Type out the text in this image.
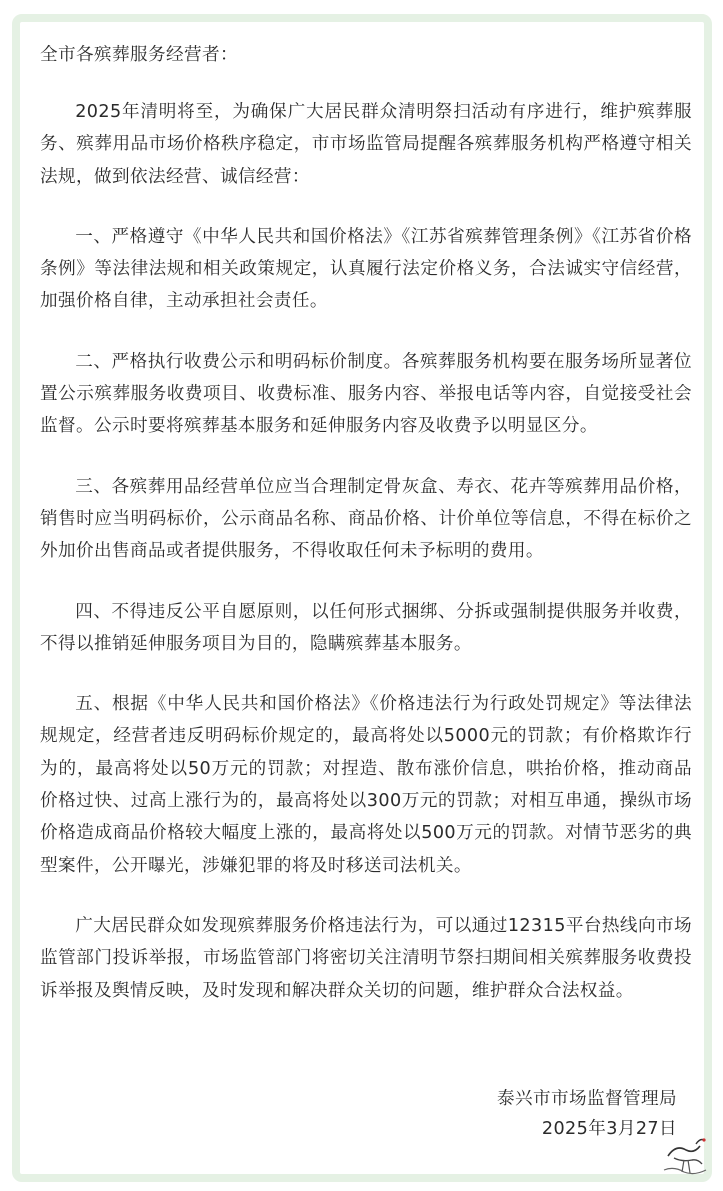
全市各殡葬服务经营者：

2025年清明将至，为确保广大居民群众清明祭扫活动有序进行，维护殡葬服务、殡葬用品市场价格秩序稳定，市市场监管局提醒各殡葬服务机构严格遵守相关法规，做到依法经营、诚信经营：

一、严格遵守《中华人民共和国价格法》《江苏省殡葬管理条例》《江苏省价格条例》等法律法规和相关政策规定，认真履行法定价格义务，合法诚实守信经营，加强价格自律，主动承担社会责任。

二、严格执行收费公示和明码标价制度。各殡葬服务机构要在服务场所显著位置公示殡葬服务收费项目、收费标准、服务内容、举报电话等内容，自觉接受社会监督。公示时要将殡葬基本服务和延伸服务内容及收费予以明显区分。

三、各殡葬用品经营单位应当合理制定骨灰盒、寿衣、花卉等殡葬用品价格，销售时应当明码标价，公示商品名称、商品价格、计价单位等信息，不得在标价之外加价出售商品或者提供服务，不得收取任何未予标明的费用。

四、不得违反公平自愿原则，以任何形式捆绑、分拆或强制提供服务并收费，不得以推销延伸服务项目为目的，隐瞒殡葬基本服务。

五、根据《中华人民共和国价格法》《价格违法行为行政处罚规定》等法律法规规定，经营者违反明码标价规定的，最高将处以5000元的罚款；有价格欺诈行为的，最高将处以50万元的罚款；对捏造、散布涨价信息，哄抬价格，推动商品价格过快、过高上涨行为的，最高将处以300万元的罚款；对相互串通，操纵市场价格造成商品价格较大幅度上涨的，最高将处以500万元的罚款。对情节恶劣的典型案件，公开曝光，涉嫌犯罪的将及时移送司法机关。

广大居民群众如发现殡葬服务价格违法行为，可以通过12315平台热线向市场监管部门投诉举报，市场监管部门将密切关注清明节祭扫期间相关殡葬服务收费投诉举报及舆情反映，及时发现和解决群众关切的问题，维护群众合法权益。

泰兴市市场监督管理局
2025年3月27日
